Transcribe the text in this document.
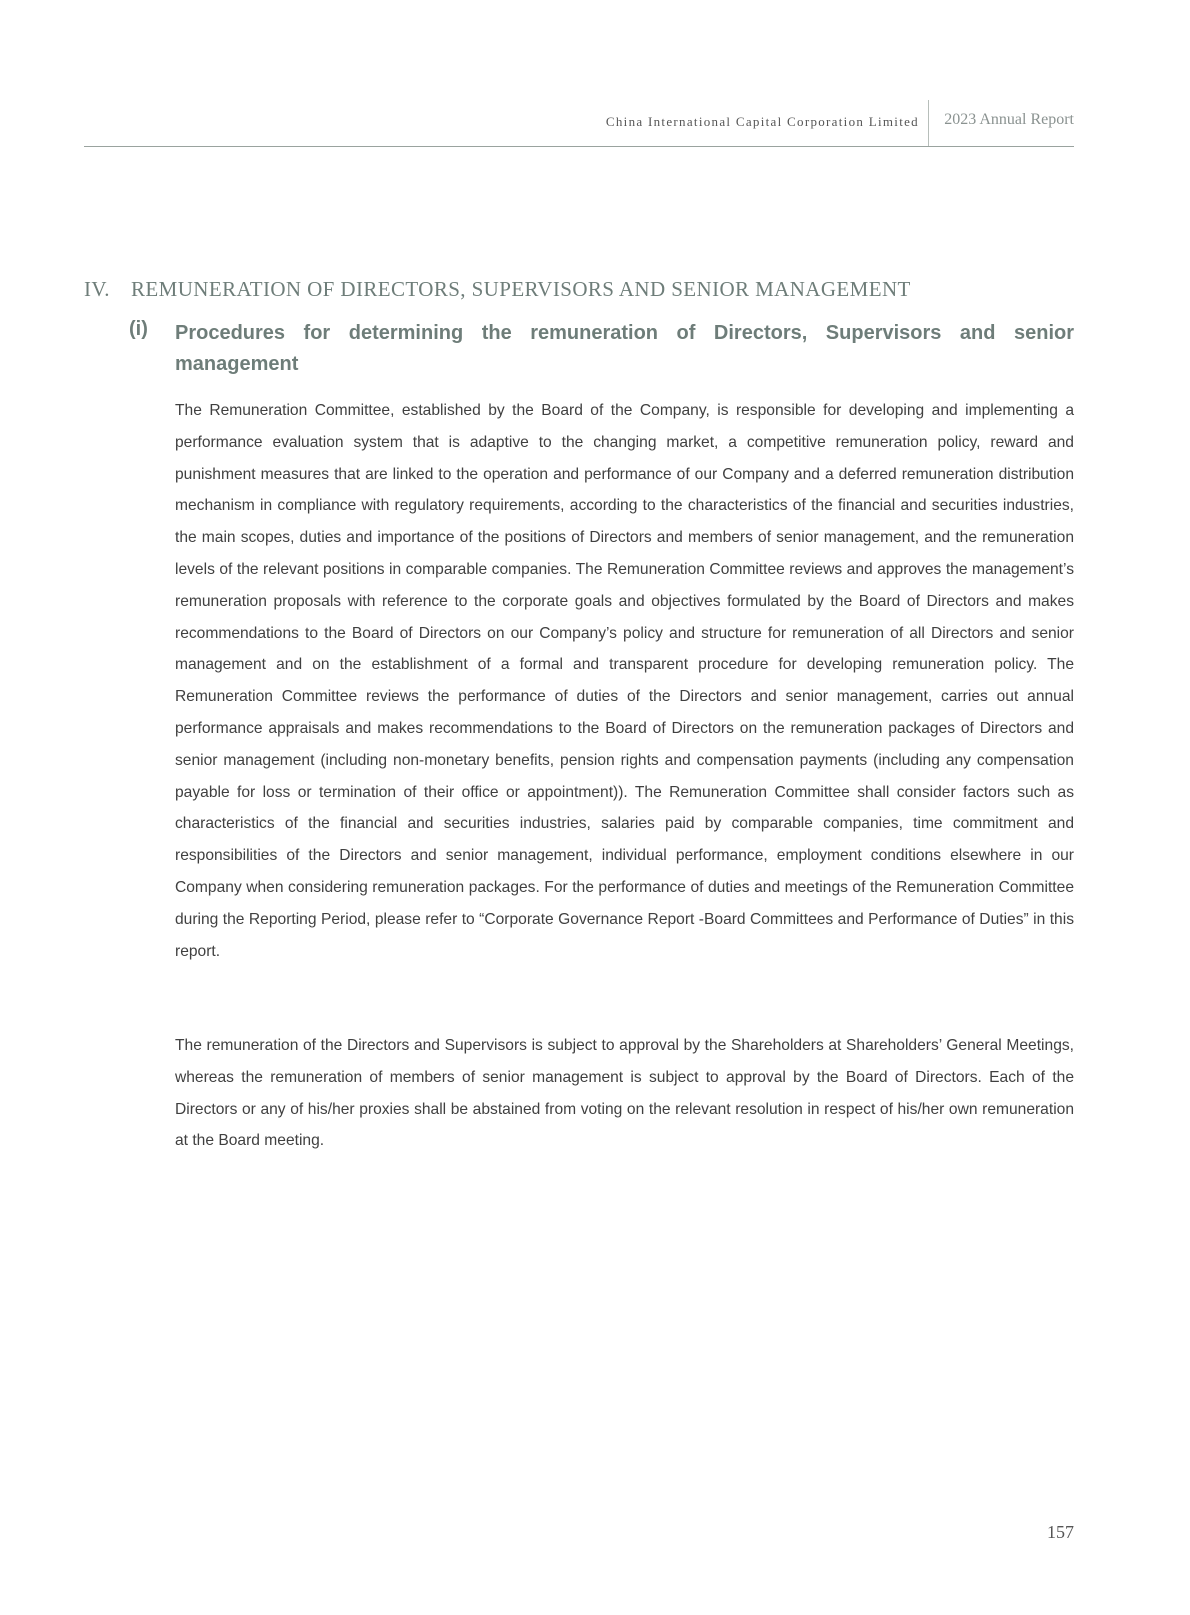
China International Capital Corporation Limited 2023 Annual Report
IV. REMUNERATION OF DIRECTORS, SUPERVISORS AND SENIOR MANAGEMENT
(i) Procedures for determining the remuneration of Directors, Supervisors and senior management

The Remuneration Committee, established by the Board of the Company, is responsible for developing and implementing a performance evaluation system that is adaptive to the changing market, a competitive remuneration policy, reward and punishment measures that are linked to the operation and performance of our Company and a deferred remuneration distribution mechanism in compliance with regulatory requirements, according to the characteristics of the financial and securities industries, the main scopes, duties and importance of the positions of Directors and members of senior management, and the remuneration levels of the relevant positions in comparable companies. The Remuneration Committee reviews and approves the management’s remuneration proposals with reference to the corporate goals and objectives formulated by the Board of Directors and makes recommendations to the Board of Directors on our Company’s policy and structure for remuneration of all Directors and senior management and on the establishment of a formal and transparent procedure for developing remuneration policy. The Remuneration Committee reviews the performance of duties of the Directors and senior management, carries out annual performance appraisals and makes recommendations to the Board of Directors on the remuneration packages of Directors and senior management (including non-monetary benefits, pension rights and compensation payments (including any compensation payable for loss or termination of their office or appointment)). The Remuneration Committee shall consider factors such as characteristics of the financial and securities industries, salaries paid by comparable companies, time commitment and responsibilities of the Directors and senior management, individual performance, employment conditions elsewhere in our Company when considering remuneration packages. For the performance of duties and meetings of the Remuneration Committee during the Reporting Period, please refer to “Corporate Governance Report -Board Committees and Performance of Duties” in this report.

The remuneration of the Directors and Supervisors is subject to approval by the Shareholders at Shareholders’ General Meetings, whereas the remuneration of members of senior management is subject to approval by the Board of Directors. Each of the Directors or any of his/her proxies shall be abstained from voting on the relevant resolution in respect of his/her own remuneration at the Board meeting.

157
